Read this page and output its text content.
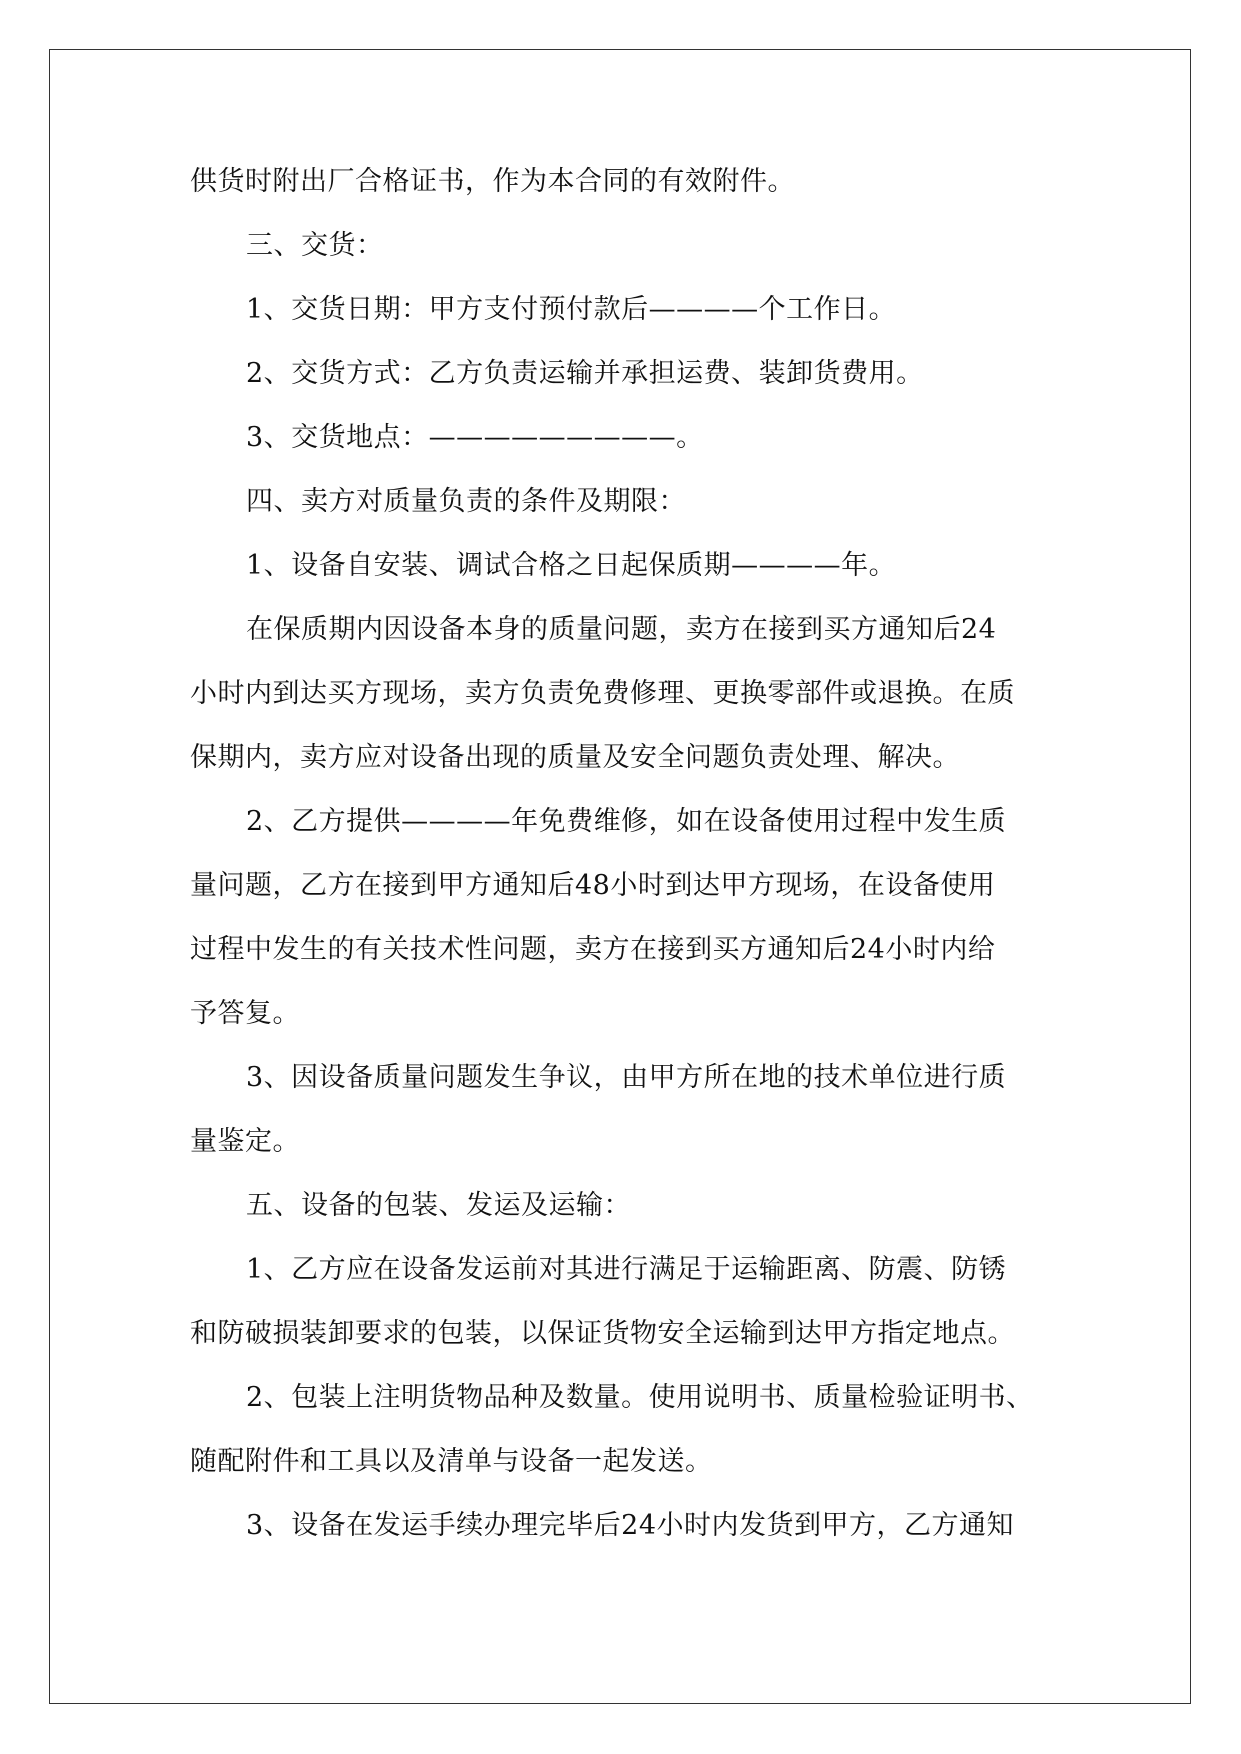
供货时附出厂合格证书，作为本合同的有效附件。
三、交货：
1、交货日期：甲方支付预付款后————个工作日。
2、交货方式：乙方负责运输并承担运费、装卸货费用。
3、交货地点：—————————。
四、卖方对质量负责的条件及期限：
1、设备自安装、调试合格之日起保质期————年。
在保质期内因设备本身的质量问题，卖方在接到买方通知后24
小时内到达买方现场，卖方负责免费修理、更换零部件或退换。在质
保期内，卖方应对设备出现的质量及安全问题负责处理、解决。
2、乙方提供————年免费维修，如在设备使用过程中发生质
量问题，乙方在接到甲方通知后48小时到达甲方现场，在设备使用
过程中发生的有关技术性问题，卖方在接到买方通知后24小时内给
予答复。
3、因设备质量问题发生争议，由甲方所在地的技术单位进行质
量鉴定。
五、设备的包装、发运及运输：
1、乙方应在设备发运前对其进行满足于运输距离、防震、防锈
和防破损装卸要求的包装，以保证货物安全运输到达甲方指定地点。
2、包装上注明货物品种及数量。使用说明书、质量检验证明书、
随配附件和工具以及清单与设备一起发送。
3、设备在发运手续办理完毕后24小时内发货到甲方，乙方通知
